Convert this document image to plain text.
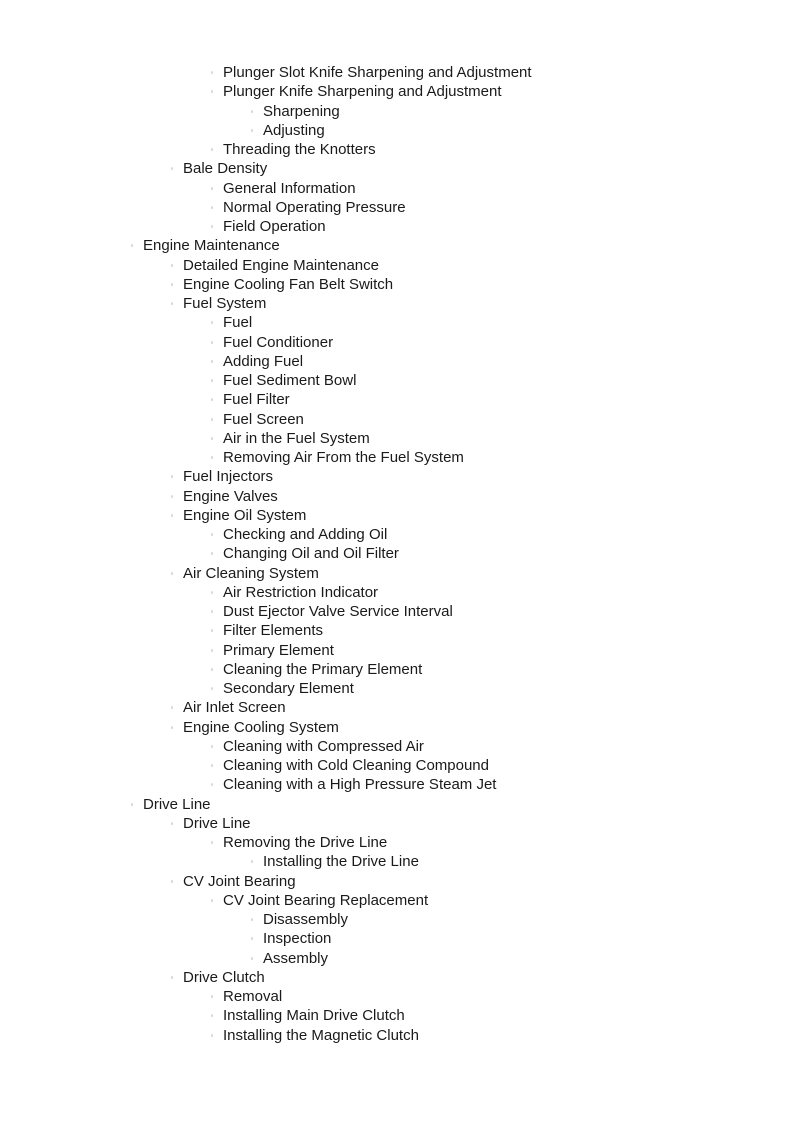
◦ Plunger Slot Knife Sharpening and Adjustment
◦ Plunger Knife Sharpening and Adjustment
◦ Sharpening
◦ Adjusting
◦ Threading the Knotters
◦ Bale Density
◦ General Information
◦ Normal Operating Pressure
◦ Field Operation
◦ Engine Maintenance
◦ Detailed Engine Maintenance
◦ Engine Cooling Fan Belt Switch
◦ Fuel System
◦ Fuel
◦ Fuel Conditioner
◦ Adding Fuel
◦ Fuel Sediment Bowl
◦ Fuel Filter
◦ Fuel Screen
◦ Air in the Fuel System
◦ Removing Air From the Fuel System
◦ Fuel Injectors
◦ Engine Valves
◦ Engine Oil System
◦ Checking and Adding Oil
◦ Changing Oil and Oil Filter
◦ Air Cleaning System
◦ Air Restriction Indicator
◦ Dust Ejector Valve Service Interval
◦ Filter Elements
◦ Primary Element
◦ Cleaning the Primary Element
◦ Secondary Element
◦ Air Inlet Screen
◦ Engine Cooling System
◦ Cleaning with Compressed Air
◦ Cleaning with Cold Cleaning Compound
◦ Cleaning with a High Pressure Steam Jet
◦ Drive Line
◦ Drive Line
◦ Removing the Drive Line
◦ Installing the Drive Line
◦ CV Joint Bearing
◦ CV Joint Bearing Replacement
◦ Disassembly
◦ Inspection
◦ Assembly
◦ Drive Clutch
◦ Removal
◦ Installing Main Drive Clutch
◦ Installing the Magnetic Clutch
